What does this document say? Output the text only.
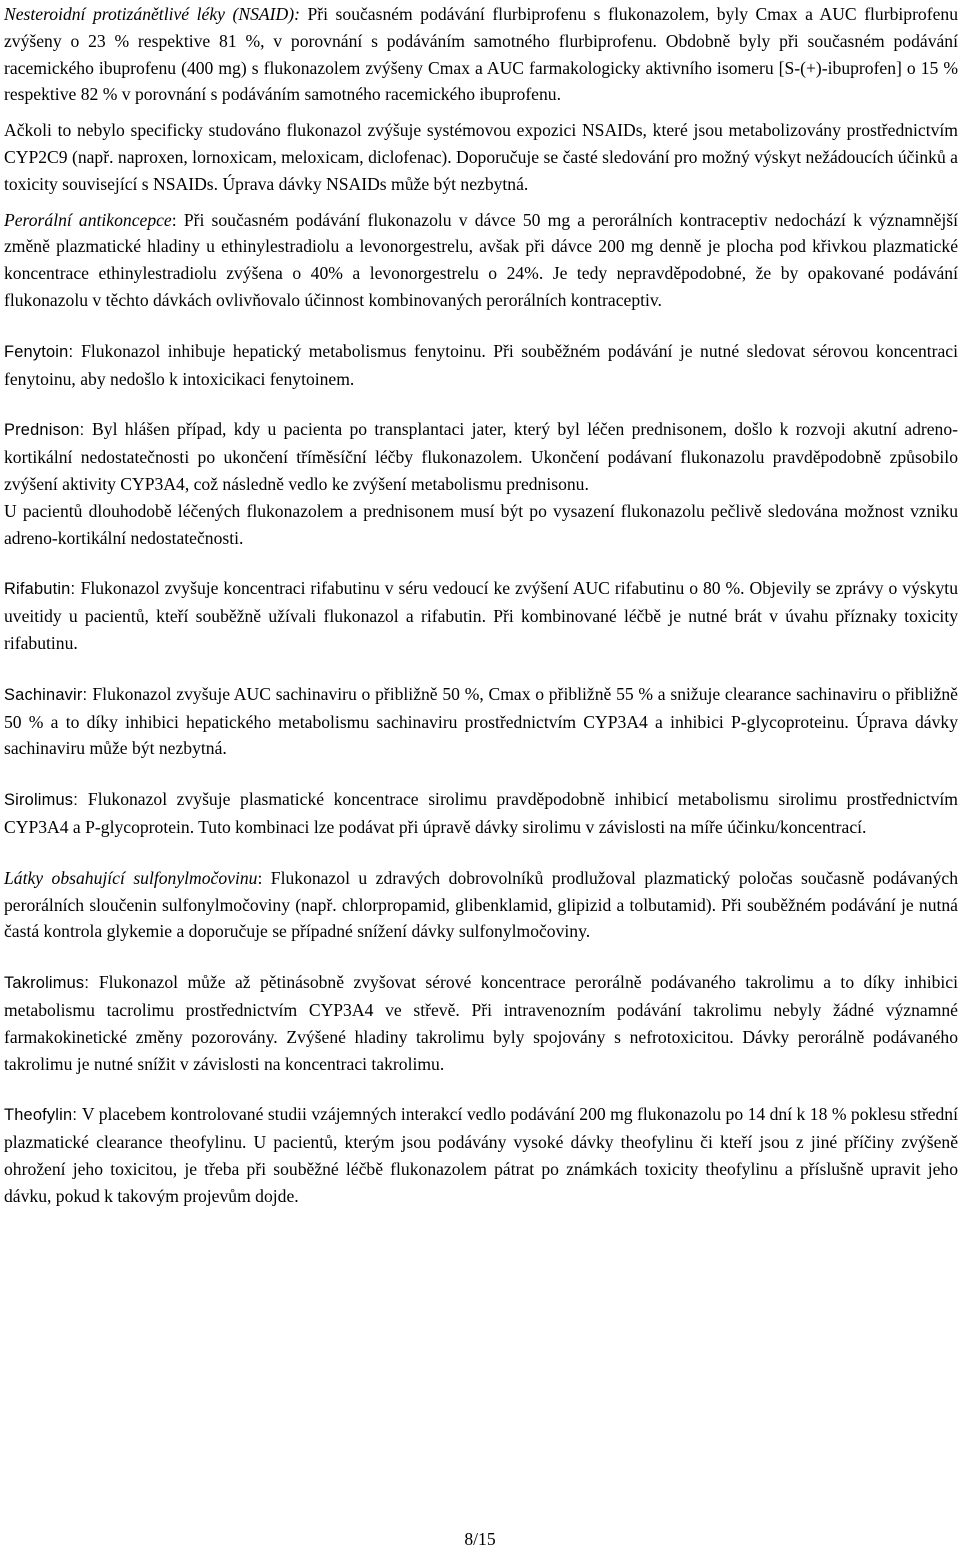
Nesteroidní protizánětlivé léky (NSAID): Při současném podávání flurbiprofenu s flukonazolem, byly Cmax a AUC flurbiprofenu zvýšeny o 23 % respektive 81 %, v porovnání s podáváním samotného flurbiprofenu. Obdobně byly při současném podávání racemického ibuprofenu (400 mg) s flukonazolem zvýšeny Cmax a AUC farmakologicky aktivního isomeru [S-(+)-ibuprofen] o 15 % respektive 82 % v porovnání s podáváním samotného racemického ibuprofenu.

Ačkoli to nebylo specificky studováno flukonazol zvýšuje systémovou expozici NSAIDs, které jsou metabolizovány prostřednictvím CYP2C9 (např. naproxen, lornoxicam, meloxicam, diclofenac). Doporučuje se časté sledování pro možný výskyt nežádoucích účinků a toxicity související s NSAIDs. Úprava dávky NSAIDs může být nezbytná.

Perorální antikoncepce: Při současném podávání flukonazolu v dávce 50 mg a perorálních kontraceptiv nedochází k významnější změně plazmatické hladiny u ethinylestradiolu a levonorgestrelu, avšak při dávce 200 mg denně je plocha pod křivkou plazmatické koncentrace ethinylestradiolu zvýšena o 40% a levonorgestrelu o 24%. Je tedy nepravděpodobné, že by opakované podávání flukonazolu v těchto dávkách ovlivňovalo účinnost kombinovaných perorálních kontraceptiv.

Fenytoin: Flukonazol inhibuje hepatický metabolismus fenytoinu. Při souběžném podávání je nutné sledovat sérovou koncentraci fenytoinu, aby nedošlo k intoxicikaci fenytoinem.

Prednison: Byl hlášen případ, kdy u pacienta po transplantaci jater, který byl léčen prednisonem, došlo k rozvoji akutní adreno-kortikální nedostatečnosti po ukončení tříměsíční léčby flukonazolem. Ukončení podávaní flukonazolu pravděpodobně způsobilo zvýšení aktivity CYP3A4, což následně vedlo ke zvýšení metabolismu prednisonu.

U pacientů dlouhodobě léčených flukonazolem a prednisonem musí být po vysazení flukonazolu pečlivě sledována možnost vzniku adreno-kortikální nedostatečnosti.

Rifabutin: Flukonazol zvyšuje koncentraci rifabutinu v séru vedoucí ke zvýšení AUC rifabutinu o 80 %. Objevily se zprávy o výskytu uveitidy u pacientů, kteří souběžně užívali flukonazol a rifabutin. Při kombinované léčbě je nutné brát v úvahu příznaky toxicity rifabutinu.

Sachinavir: Flukonazol zvyšuje AUC sachinaviru o přibližně 50 %, Cmax o přibližně 55 % a snižuje clearance sachinaviru o přibližně 50 % a to díky inhibici hepatického metabolismu sachinaviru prostřednictvím CYP3A4 a inhibici P-glycoproteinu. Úprava dávky sachinaviru může být nezbytná.

Sirolimus: Flukonazol zvyšuje plasmatické koncentrace sirolimu pravděpodobně inhibicí metabolismu sirolimu prostřednictvím CYP3A4 a P-glycoprotein. Tuto kombinaci lze podávat při úpravě dávky sirolimu v závislosti na míře účinku/koncentrací.

Látky obsahující sulfonylmočovinu: Flukonazol u zdravých dobrovolníků prodlužoval plazmatický poločas současně podávaných perorálních sloučenin sulfonylmočoviny (např. chlorpropamid, glibenklamid, glipizid a tolbutamid). Při souběžném podávání je nutná častá kontrola glykemie a doporučuje se případné snížení dávky sulfonylmočoviny.

Takrolimus: Flukonazol může až pětinásobně zvyšovat sérové koncentrace perorálně podávaného takrolimu a to díky inhibici metabolismu tacrolimu prostřednictvím CYP3A4 ve střevě. Při intravenozním podávání takrolimu nebyly žádné významné farmakokinetické změny pozorovány. Zvýšené hladiny takrolimu byly spojovány s nefrotoxicitou. Dávky perorálně podávaného takrolimu je nutné snížit v závislosti na koncentraci takrolimu.

Theofylin: V placebem kontrolované studii vzájemných interakcí vedlo podávání 200 mg flukonazolu po 14 dní k 18 % poklesu střední plazmatické clearance theofylinu. U pacientů, kterým jsou podávány vysoké dávky theofylinu či kteří jsou z jiné příčiny zvýšeně ohrožení jeho toxicitou, je třeba při souběžné léčbě flukonazolem pátrat po známkách toxicity theofylinu a příslušně upravit jeho dávku, pokud k takovým projevům dojde.

8/15
